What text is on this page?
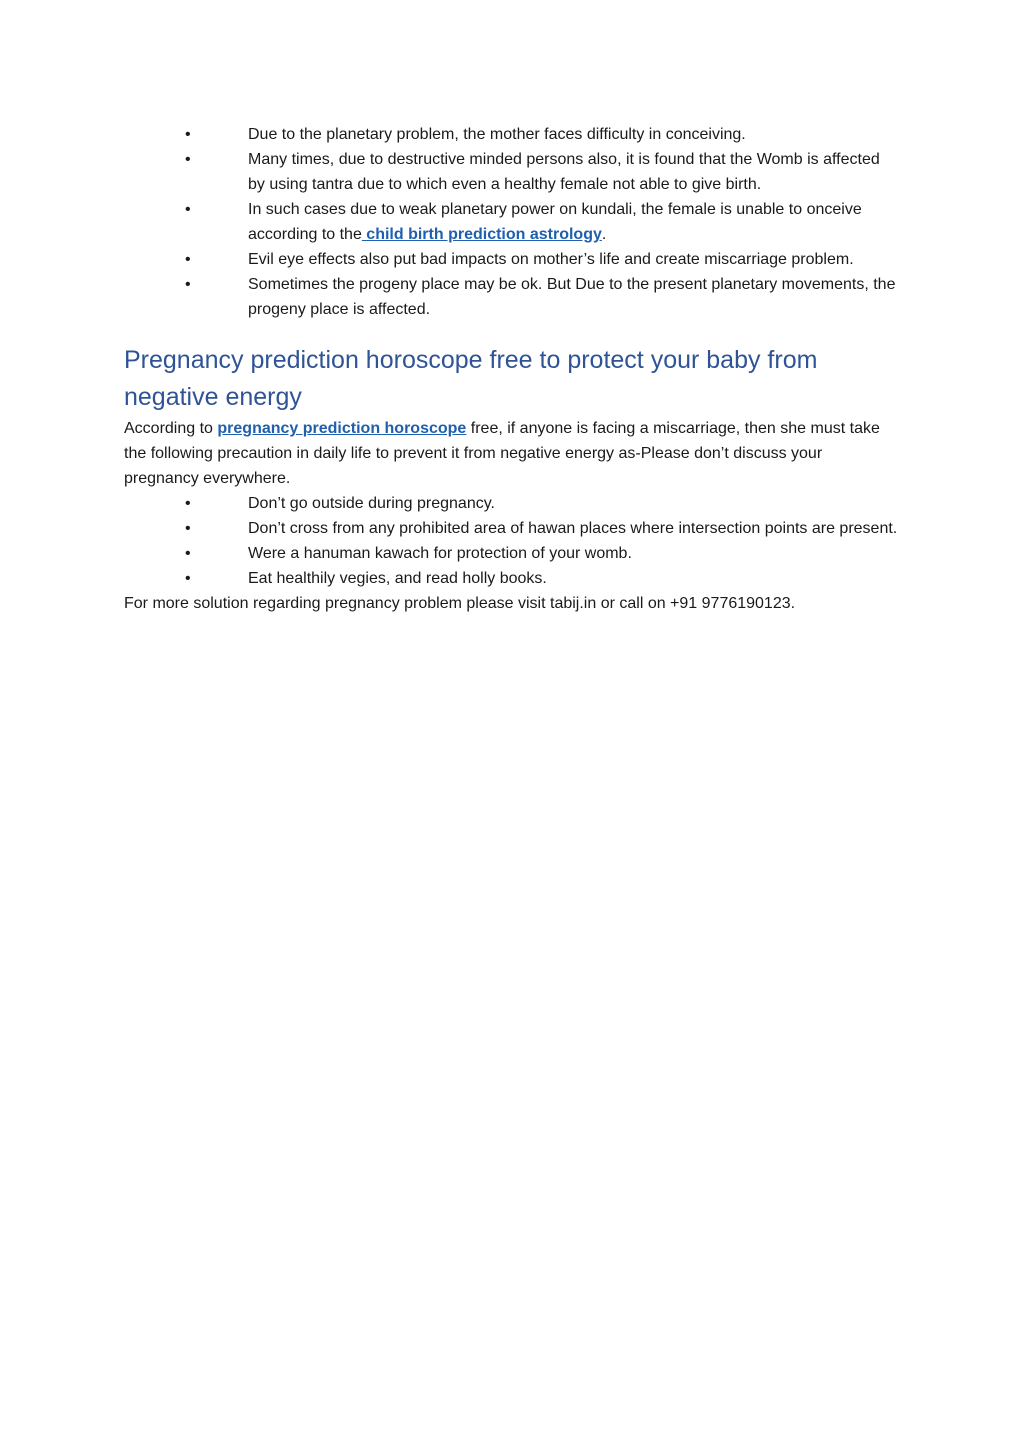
•	Due to the planetary problem, the mother faces difficulty in conceiving.
•	Many times, due to destructive minded persons also, it is found that the Womb is affected by using tantra due to which even a healthy female not able to give birth.
•	In such cases due to weak planetary power on kundali, the female is unable to onceive according to the child birth prediction astrology.
•	Evil eye effects also put bad impacts on mother’s life and create miscarriage problem.
•	Sometimes the progeny place may be ok. But Due to the present planetary movements, the progeny place is affected.
Pregnancy prediction horoscope free to protect your baby from negative energy

According to pregnancy prediction horoscope free, if anyone is facing a miscarriage, then she must take the following precaution in daily life to prevent it from negative energy as-Please don’t discuss your pregnancy everywhere.

•	Don’t go outside during pregnancy.
•	Don’t cross from any prohibited area of hawan places where intersection points are present.
•	Were a hanuman kawach for protection of your womb.
•	Eat healthily vegies, and read holly books.

For more solution regarding pregnancy problem please visit tabij.in or call on +91 9776190123.
